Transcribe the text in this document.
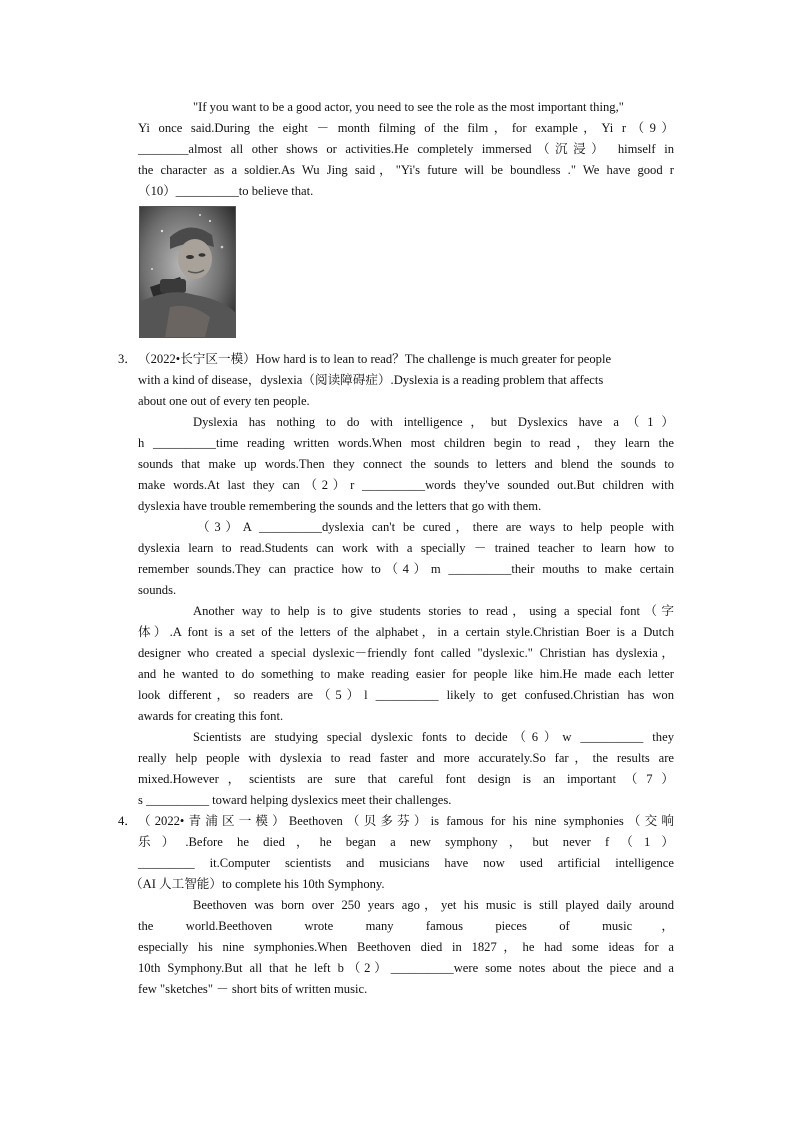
"If you want to be a good actor, you need to see the role as the most important thing,"
Yi once said.During the eight － month filming of the film，for example，Yi r（9）
________almost all other shows or activities.He completely immersed（沉浸） himself in
the character as a soldier.As Wu Jing said，"Yi's future will be boundless ." We have good r
（10）__________to believe that.
3． （2022•长宁区一模）How hard is to lean to read？The challenge is much greater for people
with a kind of disease，dyslexia（阅读障碍症）.Dyslexia is a reading problem that affects
about one out of every ten people.
Dyslexia has nothing to do with intelligence，but Dyslexics have a（1）
h __________time reading written words.When most children begin to read，they learn the
sounds that make up words.Then they connect the sounds to letters and blend the sounds to
make words.At last they can（2）r __________words they've sounded out.But children with
dyslexia have trouble remembering the sounds and the letters that go with them.
（3）A __________dyslexia can't be cured，there are ways to help people with
dyslexia learn to read.Students can work with a specially － trained teacher to learn how to
remember sounds.They can practice how to（4）m __________their mouths to make certain
sounds.
Another way to help is to give students stories to read，using a special font（字
体）.A font is a set of the letters of the alphabet，in a certain style.Christian Boer is a Dutch
designer who created a special dyslexic－friendly font called "dyslexic." Christian has dyslexia，
and he wanted to do something to make reading easier for people like him.He made each letter
look different，so readers are（5）l __________ likely to get confused.Christian has won
awards for creating this font.
Scientists are studying special dyslexic fonts to decide（6）w __________ they
really help people with dyslexia to read faster and more accurately.So far，the results are
mixed.However，scientists are sure that careful font design is an important（7）
s __________ toward helping dyslexics meet their challenges.
4． （2022•青浦区一模）Beethoven（贝多芬）is famous for his nine symphonies（交响
乐）.Before he died，he began a new symphony，but never f（1）
_________ it.Computer scientists and musicians have now used artificial intelligence
（AI 人工智能）to complete his 10th Symphony.
Beethoven was born over 250 years ago，yet his music is still played daily around
the world.Beethoven wrote many famous pieces of music，
especially his nine symphonies.When Beethoven died in 1827，he had some ideas for a
10th Symphony.But all that he left b（2）__________were some notes about the piece and a
few "sketches" － short bits of written music.
